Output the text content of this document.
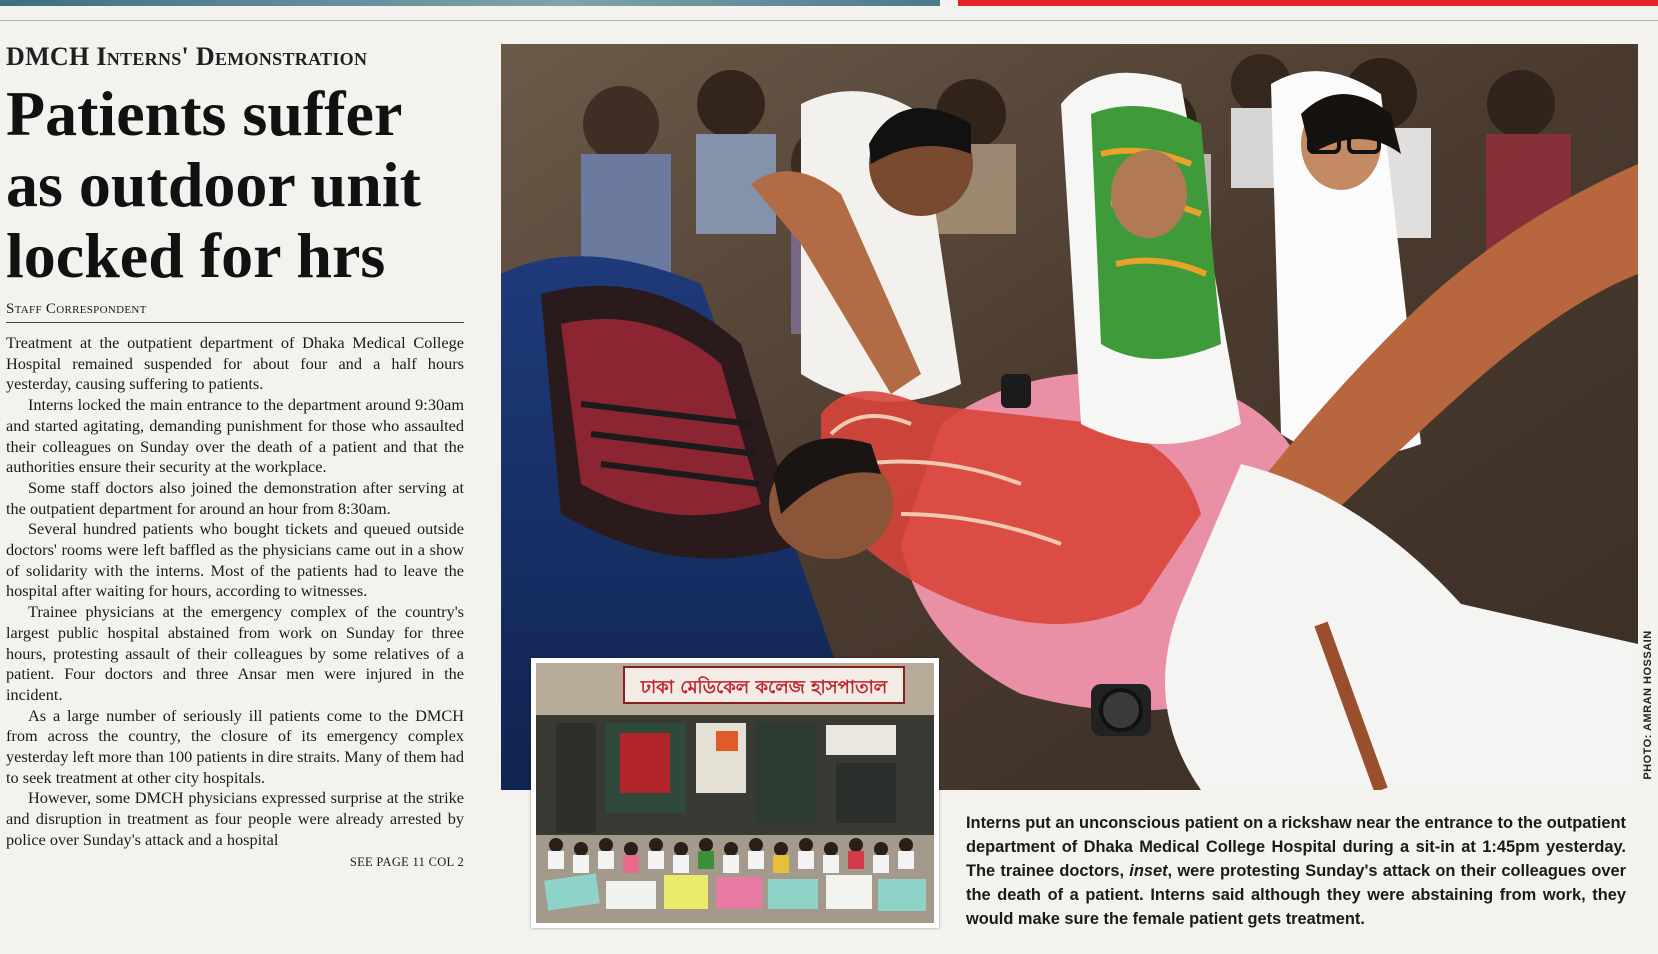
DMCH Interns' Demonstration
Patients suffer as outdoor unit locked for hrs
Staff Correspondent

Treatment at the outpatient department of Dhaka Medical College Hospital remained suspended for about four and a half hours yesterday, causing suffering to patients.

Interns locked the main entrance to the department around 9:30am and started agitating, demanding punishment for those who assaulted their colleagues on Sunday over the death of a patient and that the authorities ensure their security at the workplace.

Some staff doctors also joined the demonstration after serving at the outpatient department for around an hour from 8:30am.

Several hundred patients who bought tickets and queued outside doctors' rooms were left baffled as the physicians came out in a show of solidarity with the interns. Most of the patients had to leave the hospital after waiting for hours, according to witnesses.

Trainee physicians at the emergency complex of the country's largest public hospital abstained from work on Sunday for three hours, protesting assault of their colleagues by some relatives of a patient. Four doctors and three Ansar men were injured in the incident.

As a large number of seriously ill patients come to the DMCH from across the country, the closure of its emergency complex yesterday left more than 100 patients in dire straits. Many of them had to seek treatment at other city hospitals.

However, some DMCH physicians expressed surprise at the strike and disruption in treatment as four people were already arrested by police over Sunday's attack and a hospital

SEE PAGE 11 COL 2
PHOTO: AMRAN HOSSAIN
ঢাকা মেডিকেল কলেজ হাসপাতাল
Interns put an unconscious patient on a rickshaw near the entrance to the outpatient department of Dhaka Medical College Hospital during a sit-in at 1:45pm yesterday. The trainee doctors, inset, were protesting Sunday's attack on their colleagues over the death of a patient. Interns said although they were abstaining from work, they would make sure the female patient gets treatment.
